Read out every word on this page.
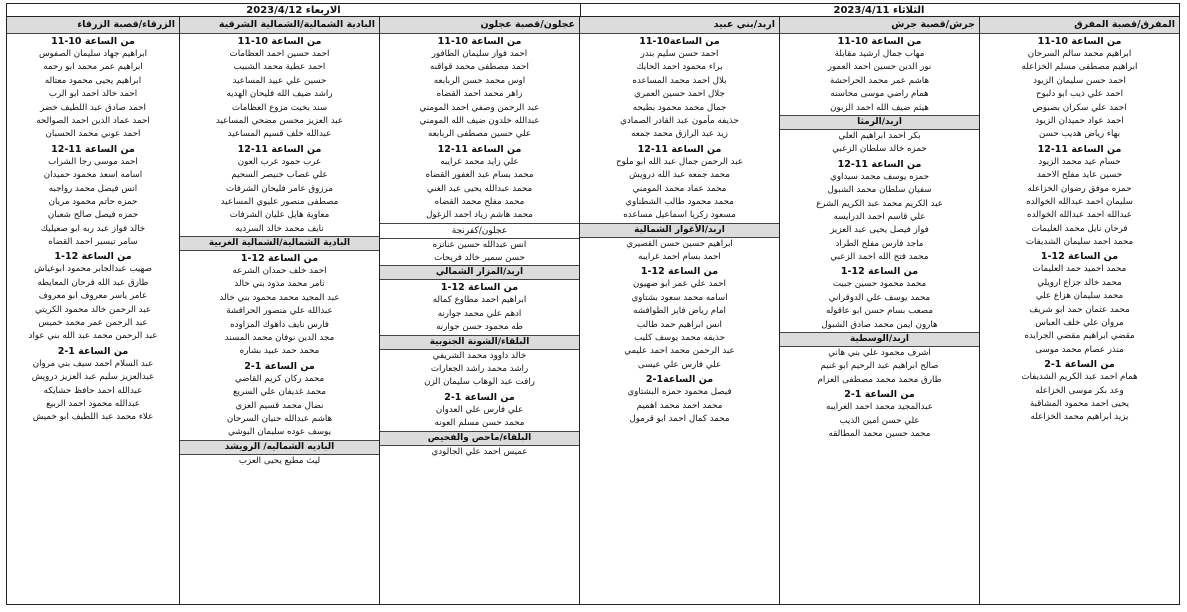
الثلاثاء 2023/4/11
الاربعاء 2023/4/12
المفرق/قصبة المفرق
من الساعة 10-11
ابراهيم محمد سالم السرحان
ابراهيم مصطفى مسلم الخزاعله
احمد حسن سليمان الزيود
احمد علي ذيب ابو دلبوح
احمد علي سكران بصبوص
احمد عواد حميدان الزيود
بهاء رياض هديب حسن
من الساعة 11-12
حسام عيد محمد الزيود
حسين عايد مفلح الاحمد
حمزه موفق رضوان الخزاعله
سليمان احمد عبدالله الخوالده
عبدالله احمد عبدالله الخوالده
فرحان نايل محمد العليمات
محمد احمد سليمان الشديفات
من الساعة 12-1
محمد احميد حمد العليمات
محمد خالد جزاع ارويلي
محمد سليمان هزاع علي
محمد عثمان حمد ابو شريف
مروان علي خلف العباس
مقضي ابراهيم مقضي الجرايده
منذر عصام محمد موسى
من الساعة 1-2
همام احمد عبد الكريم الشديفات
وعد بكر موسى الخزاعله
يحيى احمد محمود المشاقبة
يزيد ابراهيم محمد الخزاعله
جرش/قصبة جرش
من الساعة 10-11
مهاب جمال ارشيد مقابلة
نور الدين حسين احمد العمور
هاشم عمر محمد الحراحشة
همام راضي موسى محاسنه
هيثم ضيف الله احمد الزبون
اربد/الرمثا
بكر احمد ابراهيم العلي
حمزه خالد سلطان الزعبي
من الساعة 11-12
حمزه يوسف محمد سيداوي
سفيان سلطان محمد الشبول
عبد الكريم محمد عبد الكريم الشرع
علي قاسم احمد الدرايسه
فواز فيصل يحيى عبد العزيز
ماجد فارس مفلح الطراد
محمد فتح الله احمد الزعبي
من الساعة 12-1
محمد محمود حسين جبيت
محمد يوسف علي الدوقراني
مصعب بسام حسن ابو عاقوله
هارون ايمن محمد صادق الشبول
اربد/الوسطية
اشرف محمود علي بني هاني
صالح ابراهيم عبد الرحيم ابو غنيم
طارق محمد محمد مصطفى العزام
من الساعة 1-2
عبدالمجيد محمد احمد الغرايبه
علي حسن امين الذيب
محمد حسين محمد المطالقه
اربد/بني عبيد
من الساعة10-11
احمد حسن سليم بندر
براء محمود احمد الحايك
بلال احمد محمد المساعده
جلال احمد حسين العمري
جمال محمد محمود بطيحه
حذيفه مأمون عبد القادر الصمادي
زيد عبد الرازق محمد جمعه
من الساعة 11-12
عبد الرحمن جمال عبد الله ابو ملوح
محمد جمعه عبد الله درويش
محمد عماد محمد المومني
محمد محمود طالب الشطناوي
مسعود زكريا اسماعيل مساعده
اربد/الأغوار الشمالية
ابراهيم حسين حسن القصيري
احمد بسام احمد غرايبه
من الساعة 12-1
احمد علي عمر ابو صهيون
اسامه محمد سعود بشتاوي
امام رياض فايز الطوافشه
انس ابراهيم حمد طالب
حذيفه محمد يوسف كليب
عبد الرحمن محمد احمد عليمي
علي فارس علي عيسى
من الساعة1-2
فيصل محمود حمزه البشتاوي
محمد احمد محمد اهميم
محمد كمال احمد ابو قرمول
عجلون/قصبة عجلون
من الساعة 10-11
احمد فواز سليمان الطافور
احمد مصطفى محمد قواقنه
اوس محمد حسن الربابعه
زاهر محمد احمد القضاه
عبد الرحمن وصفي احمد المومني
عبدالله خلدون ضيف الله المومني
علي حسين مصطفى الربابعه
من الساعة 11-12
علي زايد محمد غرايبه
محمد بسام عبد الغفور القضاه
محمد عبدالله يحيى عبد الغني
محمد مفلح محمد القضاه
محمد هاشم زياد احمد الزغول
عجلون/كفرنجة
انس عبدالله حسين عنانزه
حسن سمير خالد فريحات
اربد/المزار الشمالي
من الساعة 12-1
ابراهيم احمد مطاوع كماله
ادهم علي محمد جوارنه
طه محمود حسن جوارنه
البلقاء/الشونة الجنوبية
خالد داوود محمد الشريفي
راشد محمد راشد الجعارات
رافت عبد الوهاب سليمان الزن
من الساعة 1-2
علي فارس علي العدوان
محمد حسن مسلم العونه
البلقاء/ماحص والفحيص
عميس احمد علي الجالودي
البادية الشمالية/الشمالية الشرقية
من الساعة 10-11
احمد حسين احمد العظامات
احمد عطية محمد الشبيب
حسين علي عبيد المساعيد
راشد ضيف الله فليحان الهديه
سند بخيت مزوع العظامات
عبد العزيز محسن مضحي المساعيد
عبدالله خلف قسيم المساعيد
من الساعة 11-12
عرب حمود عرب العون
علي غصاب خنيصر السحيم
مرزوق عامر فليحان الشرفات
مصطفى منصور عليوي المساعيد
معاوية هايل عليان الشرفات
نايف محمد خالد السرديه
البادية الشمالية/الشمالية الغربية
من الساعة 12-1
احمد خلف حمدان الشرعه
ثامر محمد مذود بني خالد
عبد المجيد محمد محمود بني خالد
عبدالله علي منصور الحرافشة
فارس نايف داهوك المزاوده
مجد الدين نوفان محمد المسند
محمد حمد عبيد بشاره
من الساعة 1-2
محمد ركان كريم القاضي
محمد غديفان علي السريع
نضال محمد قسيم العزي
هاشم عبدالله حنيان السرحان
يوسف عوده سليمان البوشي
الباديه الشماليه/ الرويشد
ليث مطيع يحيى العزب
الزرقاء/قصبة الزرقاء
من الساعة 10-11
ابراهيم جهاد سليمان الصفوس
ابراهيم عمر محمد ابو رحمه
ابراهيم يحيى محمود معتاله
احمد خالد احمد ابو الرب
احمد صادق عبد اللطيف خضر
احمد عماد الدين احمد الصوالحه
احمد عوني محمد الحسبان
من الساعة 11-12
احمد موسى رجا الشراب
اسامه اسعد محمود حميدان
انس فيصل محمد رواجبه
حمزه حاتم محمود مريان
حمزه فيصل صالح شعبان
خالد فواز عبد ربه ابو صعيليك
سامر تيسير احمد القضاه
من الساعة 12-1
صهيب عبدالجابر محمود ابوعياش
طارق عبد الله فرحان المعايطه
عامر ياسر معروف ابو معروف
عبد الرحمن خالد محمود الكريتي
عبد الرحمن عمر محمد خميس
عبد الرحمن محمد عبد الله بني عواد
من الساعة 1-2
عبد السلام احمد سيف بني مروان
عبدالعزيز سليم عبد العزيز درويش
عبدالله احمد حافظ حشايكه
عبدالله محمود احمد الربيع
علاء محمد عبد اللطيف ابو خميش
